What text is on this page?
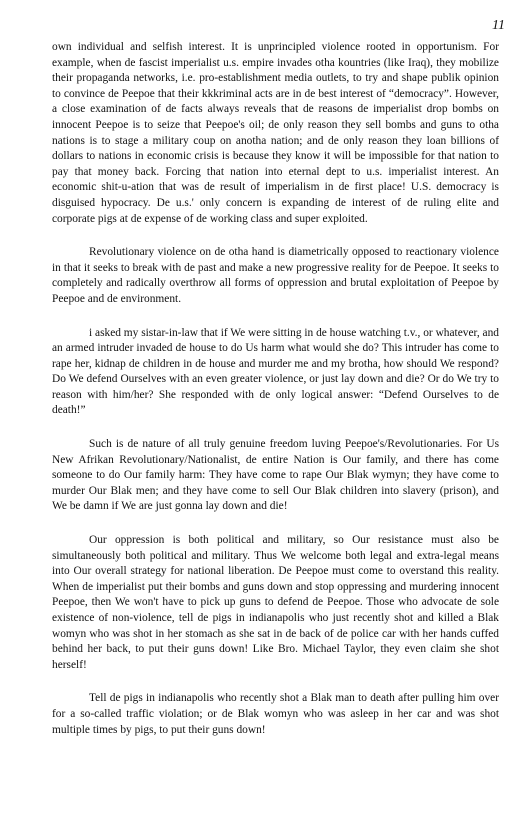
11

own individual and selfish interest. It is unprincipled violence rooted in opportunism. For example, when de fascist imperialist u.s. empire invades otha kountries (like Iraq), they mobilize their propaganda networks, i.e. pro-establishment media outlets, to try and shape publik opinion to convince de Peepoe that their kkkriminal acts are in de best interest of “democracy”. However, a close examination of de facts always reveals that de reasons de imperialist drop bombs on innocent Peepoe is to seize that Peepoe's oil; de only reason they sell bombs and guns to otha nations is to stage a military coup on anotha nation; and de only reason they loan billions of dollars to nations in economic crisis is because they know it will be impossible for that nation to pay that money back. Forcing that nation into eternal dept to u.s. imperialist interest. An economic shit-u-ation that was de result of imperialism in de first place! U.S. democracy is disguised hypocracy. De u.s.' only concern is expanding de interest of de ruling elite and corporate pigs at de expense of de working class and super exploited.

Revolutionary violence on de otha hand is diametrically opposed to reactionary violence in that it seeks to break with de past and make a new progressive reality for de Peepoe. It seeks to completely and radically overthrow all forms of oppression and brutal exploitation of Peepoe by Peepoe and de environment.

i asked my sistar-in-law that if We were sitting in de house watching t.v., or whatever, and an armed intruder invaded de house to do Us harm what would she do? This intruder has come to rape her, kidnap de children in de house and murder me and my brotha, how should We respond? Do We defend Ourselves with an even greater violence, or just lay down and die? Or do We try to reason with him/her? She responded with de only logical answer: “Defend Ourselves to de death!”

Such is de nature of all truly genuine freedom luving Peepoe's/Revolutionaries. For Us New Afrikan Revolutionary/Nationalist, de entire Nation is Our family, and there has come someone to do Our family harm: They have come to rape Our Blak wymyn; they have come to murder Our Blak men; and they have come to sell Our Blak children into slavery (prison), and We be damn if We are just gonna lay down and die!

Our oppression is both political and military, so Our resistance must also be simultaneously both political and military. Thus We welcome both legal and extra-legal means into Our overall strategy for national liberation. De Peepoe must come to overstand this reality. When de imperialist put their bombs and guns down and stop oppressing and murdering innocent Peepoe, then We won't have to pick up guns to defend de Peepoe. Those who advocate de sole existence of non-violence, tell de pigs in indianapolis who just recently shot and killed a Blak womyn who was shot in her stomach as she sat in de back of de police car with her hands cuffed behind her back, to put their guns down! Like Bro. Michael Taylor, they even claim she shot herself!

Tell de pigs in indianapolis who recently shot a Blak man to death after pulling him over for a so-called traffic violation; or de Blak womyn who was asleep in her car and was shot multiple times by pigs, to put their guns down!
